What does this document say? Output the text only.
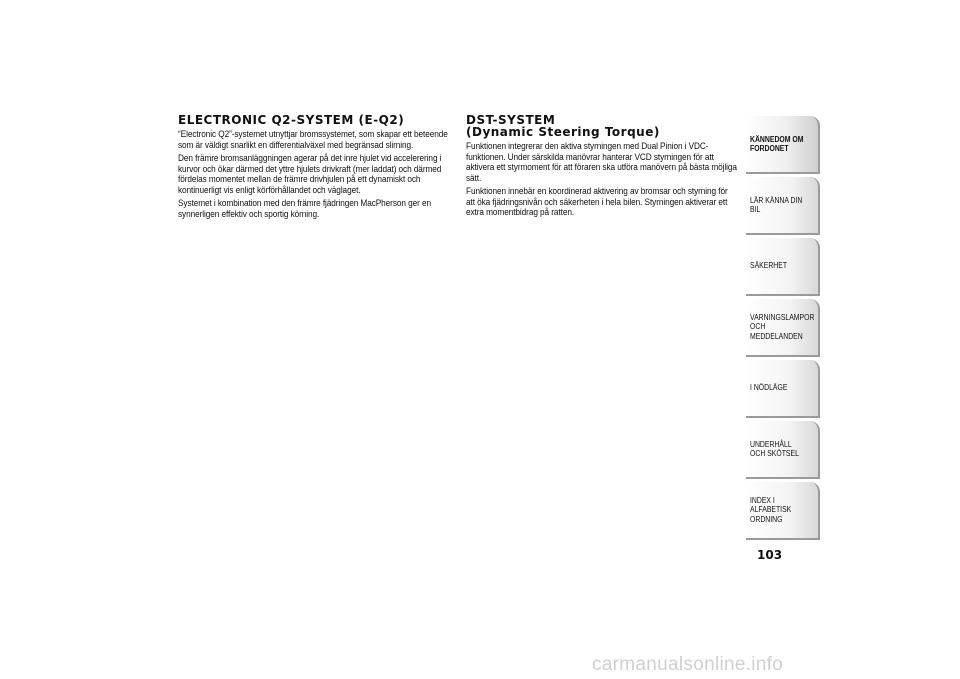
ELECTRONIC Q2-SYSTEM (E-Q2)

“Electronic Q2”-systemet utnyttjar bromssystemet, som skapar ett beteende som är väldigt snarlikt en differentialväxel med begränsad slirning.

Den främre bromsanläggningen agerar på det inre hjulet vid accelerering i kurvor och ökar därmed det yttre hjulets drivkraft (mer laddat) och därmed fördelas momentet mellan de främre drivhjulen på ett dynamiskt och kontinuerligt vis enligt körförhållandet och väglaget.

Systemet i kombination med den främre fjädringen MacPherson ger en synnerligen effektiv och sportig körning.

DST-SYSTEM
(Dynamic Steering Torque)

Funktionen integrerar den aktiva styrningen med Dual Pinion i VDC-funktionen. Under särskilda manövrar hanterar VCD styrningen för att aktivera ett styrmoment för att föraren ska utföra manövern på bästa möjliga sätt.

Funktionen innebär en koordinerad aktivering av bromsar och styrning för att öka fjädringsnivån och säkerheten i hela bilen. Styrningen aktiverar ett extra momentbidrag på ratten.

KÄNNEDOM OM FORDONET
LÄR KÄNNA DIN BIL
SÄKERHET
VARNINGSLAMPOR OCH MEDDELANDEN
I NÖDLÄGE
UNDERHÅLL OCH SKÖTSEL
INDEX I ALFABETISK ORDNING
103
carmanualsonline.info
